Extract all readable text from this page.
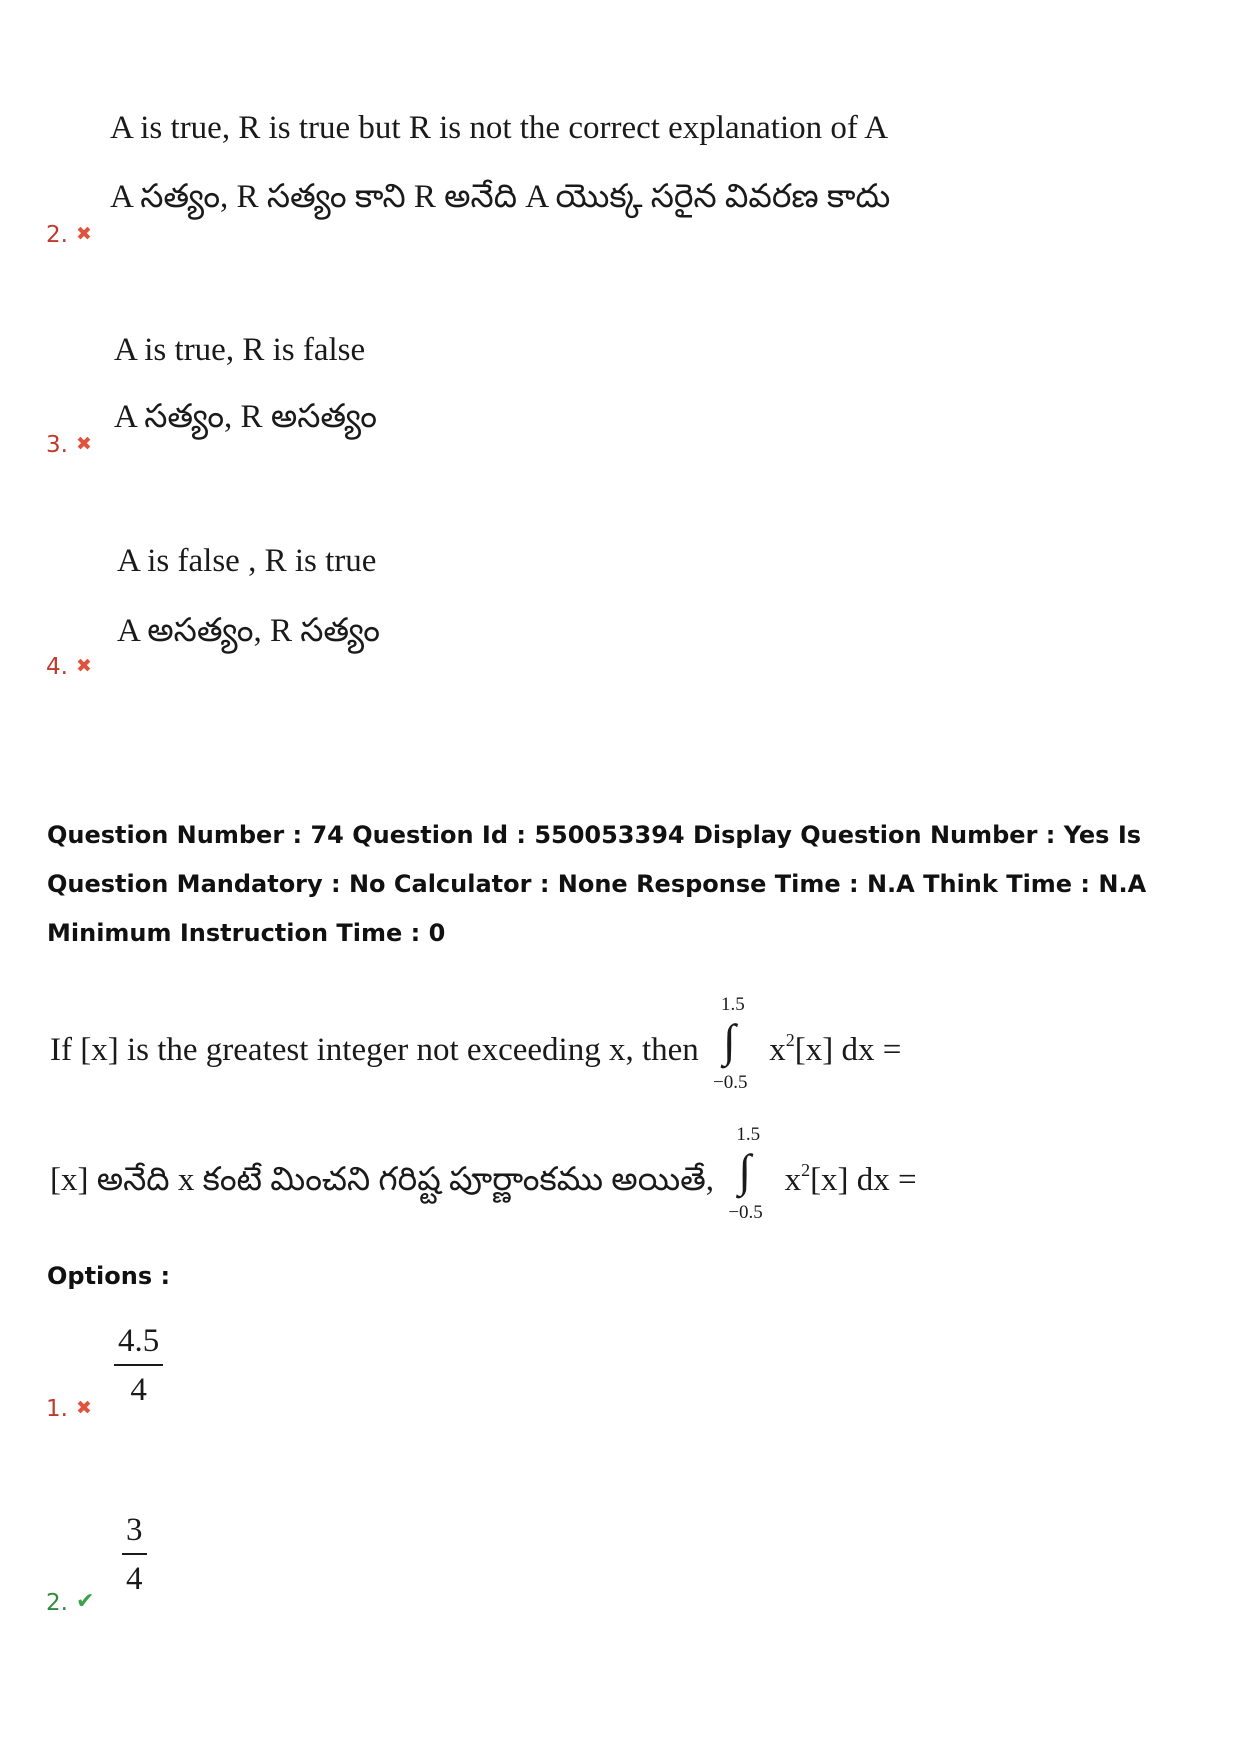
A is true, R is true but R is not the correct explanation of A
A సత్యం, R సత్యం కాని R అనేది A యొక్క సరైన వివరణ కాదు
2. ✖
A is true, R is false
A సత్యం, R అసత్యం
3. ✖
A is false , R is true
A అసత్యం, R సత్యం
4. ✖
Question Number : 74 Question Id : 550053394 Display Question Number : Yes Is Question Mandatory : No Calculator : None Response Time : N.A Think Time : N.A Minimum Instruction Time : 0
If [x] is the greatest integer not exceeding x, then
1.5
∫
−0.5
$x^2[x]$ dx =
[x] అనేది x కంటే మించని గరిష్ట పూర్ణాంకము అయితే,
1.5
∫
−0.5
$x^2[x]$ dx =
Options :
$\frac{4.5}{4}$
1. ✖
$\frac{3}{4}$
2. ✔
